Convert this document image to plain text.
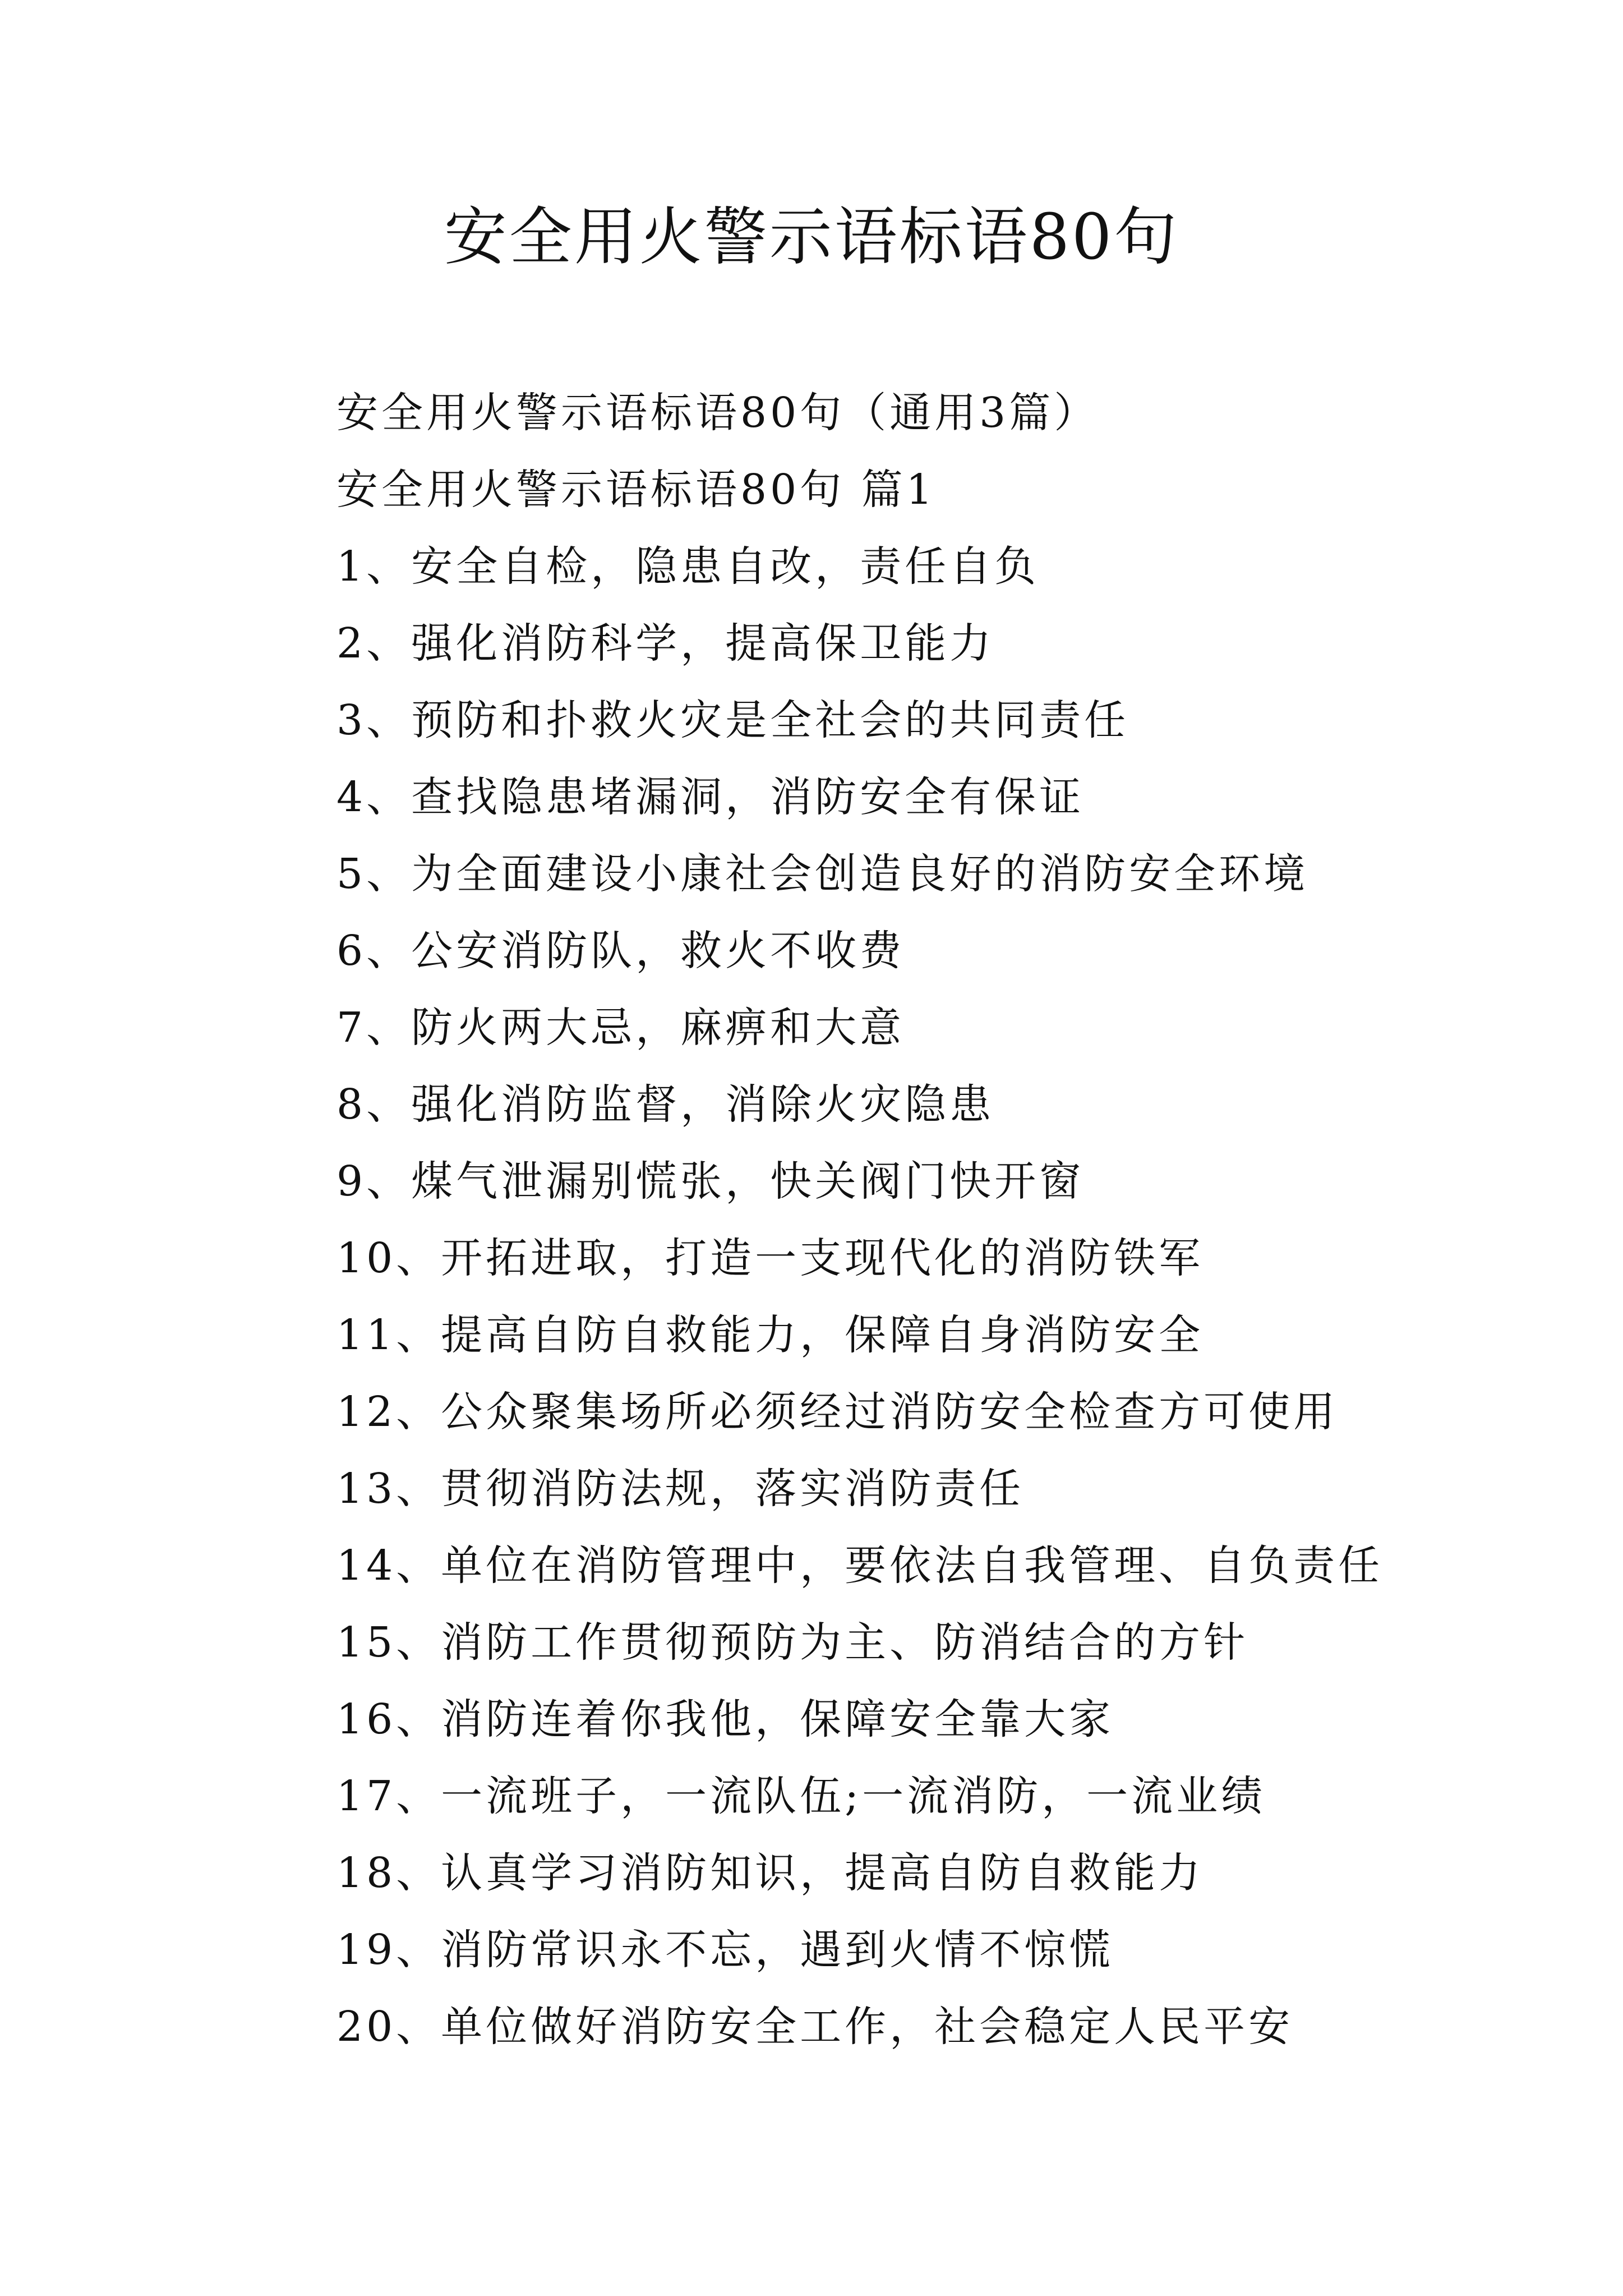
安全用火警示语标语80句
安全用火警示语标语80句（通用3篇）
安全用火警示语标语80句 篇1
1、安全自检，隐患自改，责任自负
2、强化消防科学，提高保卫能力
3、预防和扑救火灾是全社会的共同责任
4、查找隐患堵漏洞，消防安全有保证
5、为全面建设小康社会创造良好的消防安全环境
6、公安消防队，救火不收费
7、防火两大忌，麻痹和大意
8、强化消防监督，消除火灾隐患
9、煤气泄漏别慌张，快关阀门快开窗
10、开拓进取，打造一支现代化的消防铁军
11、提高自防自救能力，保障自身消防安全
12、公众聚集场所必须经过消防安全检查方可使用
13、贯彻消防法规，落实消防责任
14、单位在消防管理中，要依法自我管理、自负责任
15、消防工作贯彻预防为主、防消结合的方针
16、消防连着你我他，保障安全靠大家
17、一流班子，一流队伍;一流消防，一流业绩
18、认真学习消防知识，提高自防自救能力
19、消防常识永不忘，遇到火情不惊慌
20、单位做好消防安全工作，社会稳定人民平安
